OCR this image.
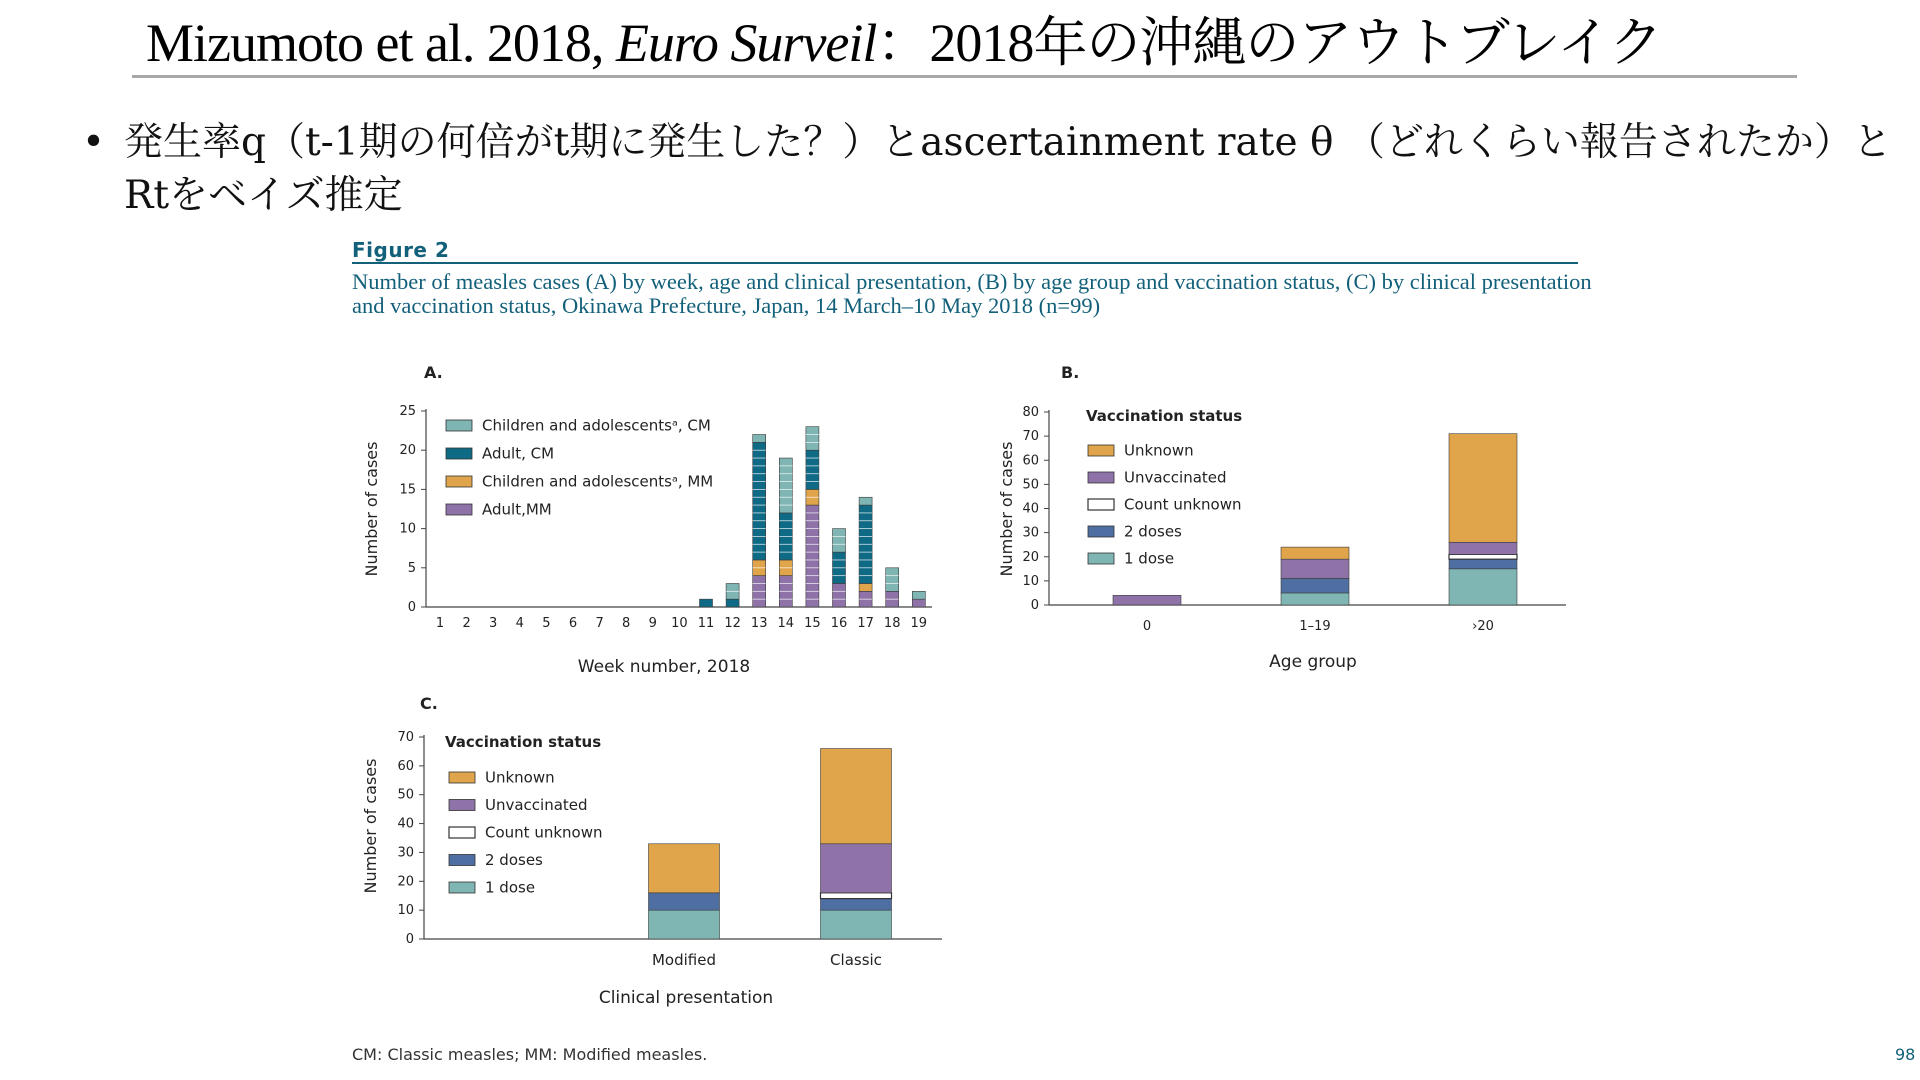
Mizumoto et al. 2018, Euro Surveil：2018年の沖縄のアウトブレイク
• 発生率q（t-1期の何倍がt期に発生した？）とascertainment rate θ （どれくらい報告されたか）とRtをベイズ推定
Figure 2
Number of measles cases (A) by week, age and clinical presentation, (B) by age group and vaccination status, (C) by clinical presentation and vaccination status, Okinawa Prefecture, Japan, 14 March–10 May 2018 (n=99)
A.
0
5
10
15
20
25
Number of cases
Week number, 2018
1 2 3 4 5 6 7 8 9 10 11 12 13 14 15 16 17 18 19
Children and adolescentsᵃ, CM
Adult, CM
Children and adolescentsᵃ, MM
Adult,MM
B.
0
10
20
30
40
50
60
70
80
Number of cases
Age group
0	1–19	›20
Vaccination status
Unknown
Unvaccinated
Count unknown
2 doses
1 dose
C.
0
10
20
30
40
50
60
70
Number of cases
Clinical presentation
Modified	Classic
Vaccination status
Unknown
Unvaccinated
Count unknown
2 doses
1 dose
CM: Classic measles; MM: Modified measles.	98
